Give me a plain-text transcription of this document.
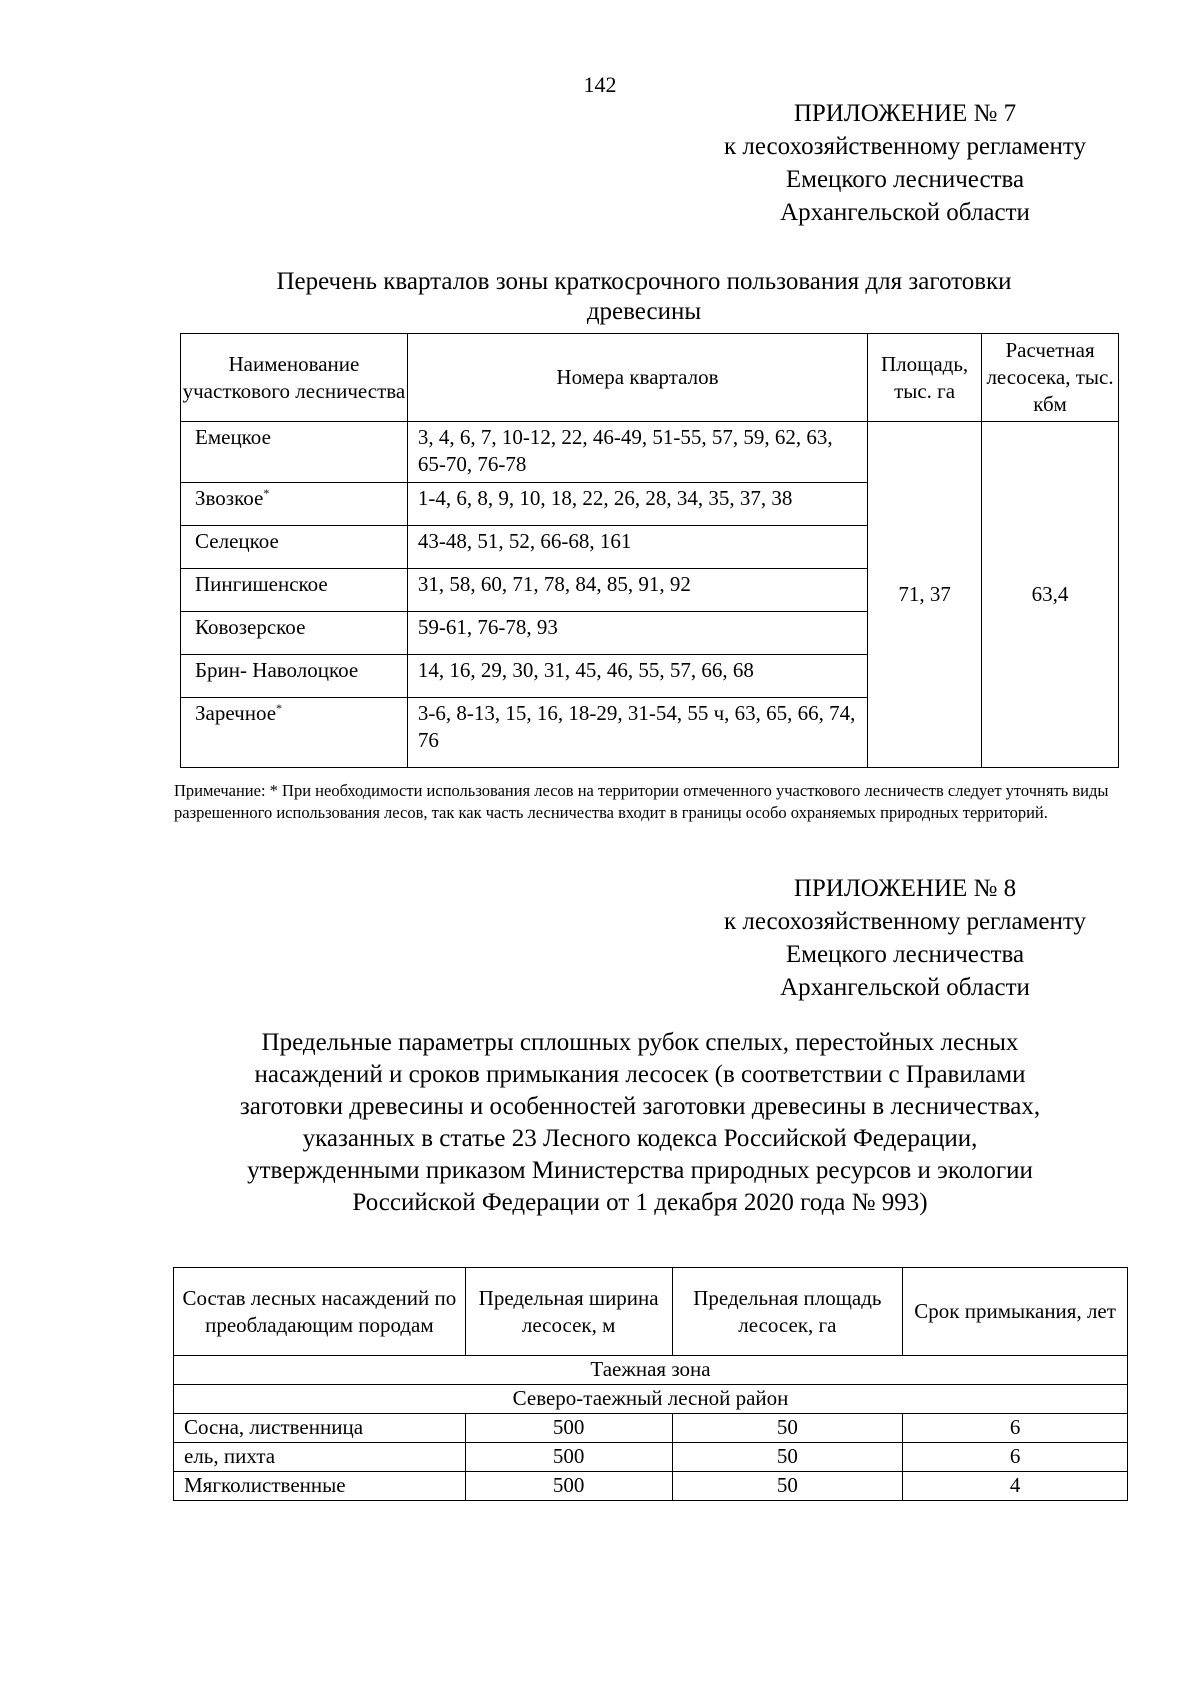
142
ПРИЛОЖЕНИЕ № 7
к лесохозяйственному регламенту
Емецкого лесничества
Архангельской области
Перечень кварталов зоны краткосрочного пользования для заготовки
древесины
Наименование участкового лесничества	Номера кварталов	Площадь, тыс. га	Расчетная лесосека, тыс. кбм
Емецкое	3, 4, 6, 7, 10-12, 22, 46-49, 51-55, 57, 59, 62, 63, 65-70, 76-78	71, 37	63,4
Звозкое*	1-4, 6, 8, 9, 10, 18, 22, 26, 28, 34, 35, 37, 38		
Селецкое	43-48, 51, 52, 66-68, 161		
Пингишенское	31, 58, 60, 71, 78, 84, 85, 91, 92		
Ковозерское	59-61, 76-78, 93		
Брин- Наволоцкое	14, 16, 29, 30, 31, 45, 46, 55, 57, 66, 68		
Заречное*	3-6, 8-13, 15, 16, 18-29, 31-54, 55 ч, 63, 65, 66, 74, 76		
Примечание: * При необходимости использования лесов на территории отмеченного участкового лесничеств следует уточнять виды разрешенного использования лесов, так как часть лесничества входит в границы особо охраняемых природных территорий.
ПРИЛОЖЕНИЕ № 8
к лесохозяйственному регламенту
Емецкого лесничества
Архангельской области
Предельные параметры сплошных рубок спелых, перестойных лесных
насаждений и сроков примыкания лесосек (в соответствии с Правилами
заготовки древесины и особенностей заготовки древесины в лесничествах,
указанных в статье 23 Лесного кодекса Российской Федерации,
утвержденными приказом Министерства природных ресурсов и экологии
Российской Федерации от 1 декабря 2020 года № 993)
Состав лесных насаждений по преобладающим породам	Предельная ширина лесосек, м	Предельная площадь лесосек, га	Срок примыкания, лет
Таежная зона			
Северо-таежный лесной район			
Сосна, лиственница	500	50	6
ель, пихта	500	50	6
Мягколиственные	500	50	4
